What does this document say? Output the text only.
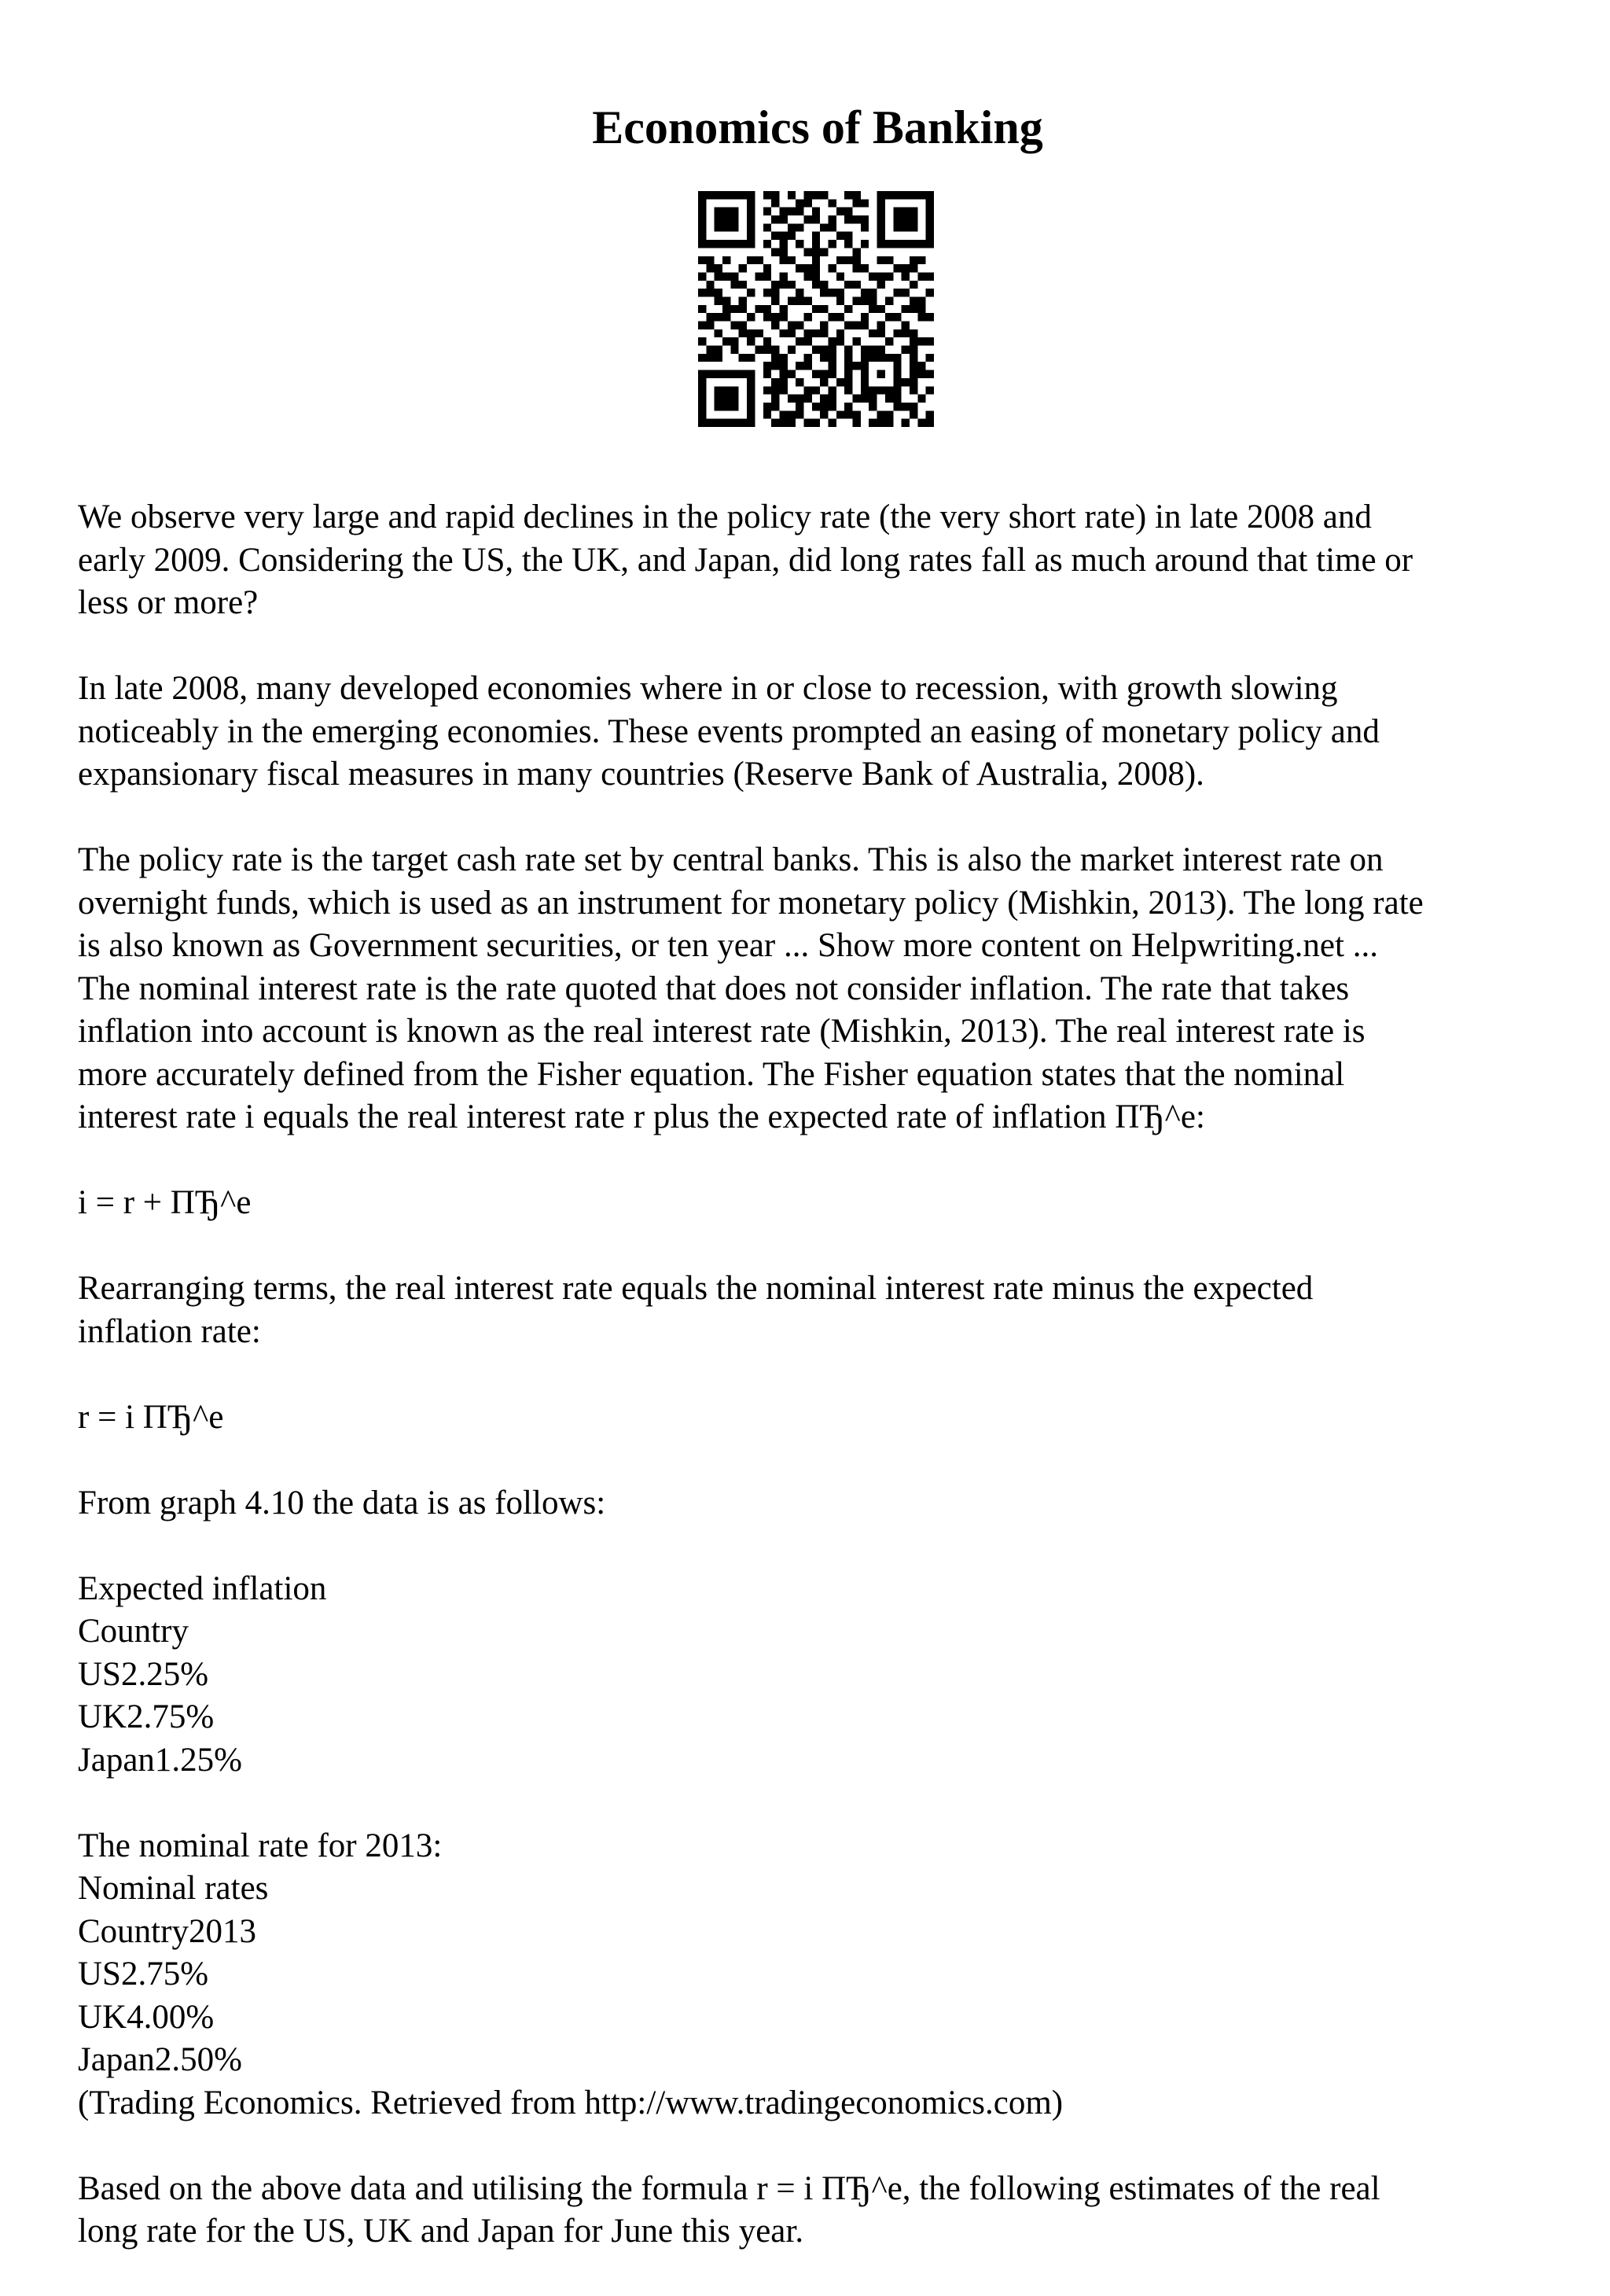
Economics of Banking

We observe very large and rapid declines in the policy rate (the very short rate) in late 2008 and
early 2009. Considering the US, the UK, and Japan, did long rates fall as much around that time or
less or more?

In late 2008, many developed economies where in or close to recession, with growth slowing
noticeably in the emerging economies. These events prompted an easing of monetary policy and
expansionary fiscal measures in many countries (Reserve Bank of Australia, 2008).

The policy rate is the target cash rate set by central banks. This is also the market interest rate on
overnight funds, which is used as an instrument for monetary policy (Mishkin, 2013). The long rate
is also known as Government securities, or ten year ... Show more content on Helpwriting.net ...
The nominal interest rate is the rate quoted that does not consider inflation. The rate that takes
inflation into account is known as the real interest rate (Mishkin, 2013). The real interest rate is
more accurately defined from the Fisher equation. The Fisher equation states that the nominal
interest rate i equals the real interest rate r plus the expected rate of inflation ПЂ^e:

i = r + ПЂ^e

Rearranging terms, the real interest rate equals the nominal interest rate minus the expected
inflation rate:

r = i ПЂ^e

From graph 4.10 the data is as follows:

Expected inflation
Country
US2.25%
UK2.75%
Japan1.25%

The nominal rate for 2013:
Nominal rates
Country2013
US2.75%
UK4.00%
Japan2.50%
(Trading Economics. Retrieved from http://www.tradingeconomics.com)

Based on the above data and utilising the formula r = i ПЂ^e, the following estimates of the real
long rate for the US, UK and Japan for June this year.
